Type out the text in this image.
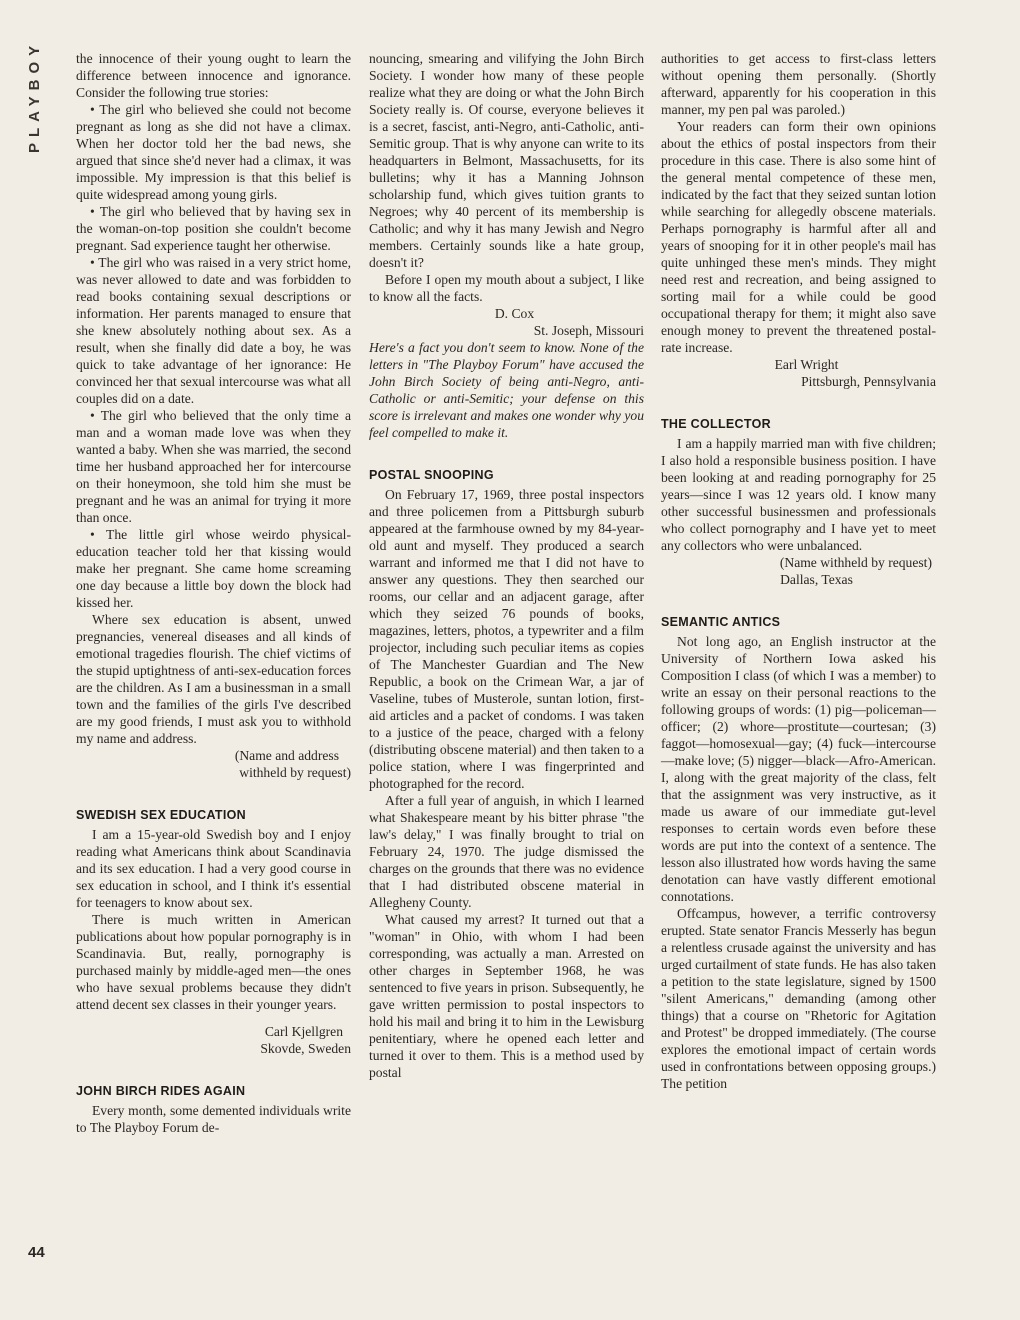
PLAYBOY	the innocence of their young ought to learn the difference between innocence and ignorance. Consider the following true stories:

• The girl who believed she could not become pregnant as long as she did not have a climax. When her doctor told her the bad news, she argued that since she'd never had a climax, it was impossible. My impression is that this belief is quite widespread among young girls.

• The girl who believed that by having sex in the woman-on-top position she couldn't become pregnant. Sad experience taught her otherwise.

• The girl who was raised in a very strict home, was never allowed to date and was forbidden to read books containing sexual descriptions or information. Her parents managed to ensure that she knew absolutely nothing about sex. As a result, when she finally did date a boy, he was quick to take advantage of her ignorance: He convinced her that sexual intercourse was what all couples did on a date.

• The girl who believed that the only time a man and a woman made love was when they wanted a baby. When she was married, the second time her husband approached her for intercourse on their honeymoon, she told him she must be pregnant and he was an animal for trying it more than once.

• The little girl whose weirdo physical-education teacher told her that kissing would make her pregnant. She came home screaming one day because a little boy down the block had kissed her.

Where sex education is absent, unwed pregnancies, venereal diseases and all kinds of emotional tragedies flourish. The chief victims of the stupid uptightness of anti-sex-education forces are the children. As I am a businessman in a small town and the families of the girls I've described are my good friends, I must ask you to withhold my name and address.

(Name and address

withheld by request)

SWEDISH SEX EDUCATION

I am a 15-year-old Swedish boy and I enjoy reading what Americans think about Scandinavia and its sex education. I had a very good course in sex education in school, and I think it's essential for teenagers to know about sex.

There is much written in American publications about how popular pornography is in Scandinavia. But, really, pornography is purchased mainly by middle-aged men—the ones who have sexual problems because they didn't attend decent sex classes in their younger years.

Carl Kjellgren

Skovde, Sweden

JOHN BIRCH RIDES AGAIN

Every month, some demented individuals write to The Playboy Forum de-

nouncing, smearing and vilifying the John Birch Society. I wonder how many of these people realize what they are doing or what the John Birch Society really is. Of course, everyone believes it is a secret, fascist, anti-Negro, anti-Catholic, anti-Semitic group. That is why anyone can write to its headquarters in Belmont, Massachusetts, for its bulletins; why it has a Manning Johnson scholarship fund, which gives tuition grants to Negroes; why 40 percent of its membership is Catholic; and why it has many Jewish and Negro members. Certainly sounds like a hate group, doesn't it?

Before I open my mouth about a subject, I like to know all the facts.

D. Cox

St. Joseph, Missouri

Here's a fact you don't seem to know. None of the letters in "The Playboy Forum" have accused the John Birch Society of being anti-Negro, anti-Catholic or anti-Semitic; your defense on this score is irrelevant and makes one wonder why you feel compelled to make it.

POSTAL SNOOPING

On February 17, 1969, three postal inspectors and three policemen from a Pittsburgh suburb appeared at the farmhouse owned by my 84-year-old aunt and myself. They produced a search warrant and informed me that I did not have to answer any questions. They then searched our rooms, our cellar and an adjacent garage, after which they seized 76 pounds of books, magazines, letters, photos, a typewriter and a film projector, including such peculiar items as copies of The Manchester Guardian and The New Republic, a book on the Crimean War, a jar of Vaseline, tubes of Musterole, suntan lotion, first-aid articles and a packet of condoms. I was taken to a justice of the peace, charged with a felony (distributing obscene material) and then taken to a police station, where I was fingerprinted and photographed for the record.

After a full year of anguish, in which I learned what Shakespeare meant by his bitter phrase "the law's delay," I was finally brought to trial on February 24, 1970. The judge dismissed the charges on the grounds that there was no evidence that I had distributed obscene material in Allegheny County.

What caused my arrest? It turned out that a "woman" in Ohio, with whom I had been corresponding, was actually a man. Arrested on other charges in September 1968, he was sentenced to five years in prison. Subsequently, he gave written permission to postal inspectors to hold his mail and bring it to him in the Lewisburg penitentiary, where he opened each letter and turned it over to them. This is a method used by postal

authorities to get access to first-class letters without opening them personally. (Shortly afterward, apparently for his cooperation in this manner, my pen pal was paroled.)

Your readers can form their own opinions about the ethics of postal inspectors from their procedure in this case. There is also some hint of the general mental competence of these men, indicated by the fact that they seized suntan lotion while searching for allegedly obscene materials. Perhaps pornography is harmful after all and years of snooping for it in other people's mail has quite unhinged these men's minds. They might need rest and recreation, and being assigned to sorting mail for a while could be good occupational therapy for them; it might also save enough money to prevent the threatened postal-rate increase.

Earl Wright

Pittsburgh, Pennsylvania

THE COLLECTOR

I am a happily married man with five children; I also hold a responsible business position. I have been looking at and reading pornography for 25 years—since I was 12 years old. I know many other successful businessmen and professionals who collect pornography and I have yet to meet any collectors who were unbalanced.

(Name withheld by request)

Dallas, Texas

SEMANTIC ANTICS

Not long ago, an English instructor at the University of Northern Iowa asked his Composition I class (of which I was a member) to write an essay on their personal reactions to the following groups of words: (1) pig—policeman—officer; (2) whore—prostitute—courtesan; (3) faggot—homosexual—gay; (4) fuck—intercourse—make love; (5) nigger—black—Afro-American. I, along with the great majority of the class, felt that the assignment was very instructive, as it made us aware of our immediate gut-level responses to certain words even before these words are put into the context of a sentence. The lesson also illustrated how words having the same denotation can have vastly different emotional connotations.

Offcampus, however, a terrific controversy erupted. State senator Francis Messerly has begun a relentless crusade against the university and has urged curtailment of state funds. He has also taken a petition to the state legislature, signed by 1500 "silent Americans," demanding (among other things) that a course on "Rhetoric for Agitation and Protest" be dropped immediately. (The course explores the emotional impact of certain words used in confrontations between opposing groups.) The petition

44
